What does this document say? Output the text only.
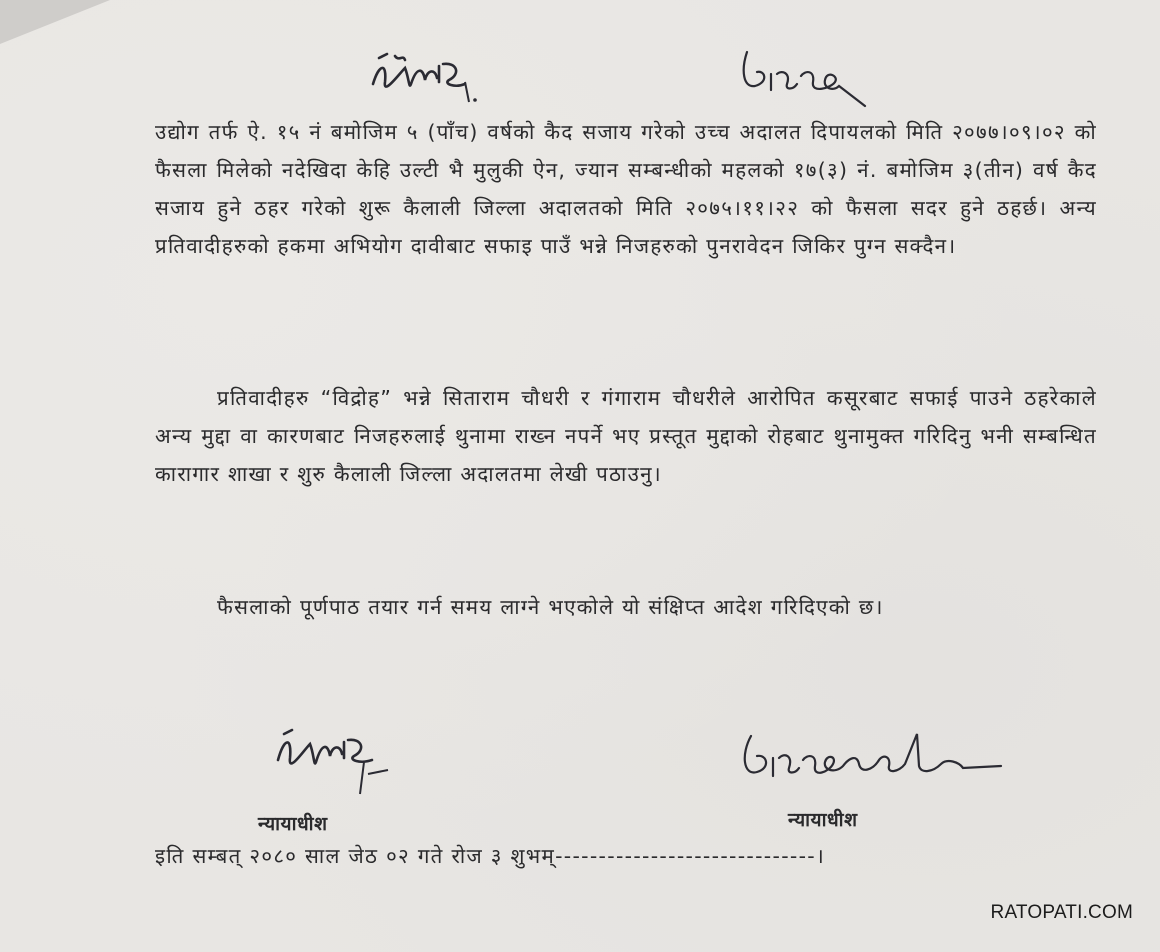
उद्योग तर्फ ऐ. १५ नं बमोजिम ५ (पाँच) वर्षको कैद सजाय गरेको उच्च अदालत दिपायलको मिति २०७७।०९।०२ को फैसला मिलेको नदेखिदा केहि उल्टी भै मुलुकी ऐन, ज्यान सम्बन्धीको महलको १७(३) नं. बमोजिम ३(तीन) वर्ष कैद सजाय हुने ठहर गरेको शुरू कैलाली जिल्ला अदालतको मिति २०७५।११।२२ को फैसला सदर हुने ठहर्छ। अन्य प्रतिवादीहरुको हकमा अभियोग दावीबाट सफाइ पाउँ भन्ने निजहरुको पुनरावेदन जिकिर पुग्न सक्दैन।

प्रतिवादीहरु “विद्रोह” भन्ने सिताराम चौधरी र गंगाराम चौधरीले आरोपित कसूरबाट सफाई पाउने ठहरेकाले अन्य मुद्दा वा कारणबाट निजहरुलाई थुनामा राख्न नपर्ने भए प्रस्तूत मुद्दाको रोहबाट थुनामुक्त गरिदिनु भनी सम्बन्धित कारागार शाखा र शुरु कैलाली जिल्ला अदालतमा लेखी पठाउनु।

फैसलाको पूर्णपाठ तयार गर्न समय लाग्ने भएकोले यो संक्षिप्त आदेश गरिदिएको छ।

न्यायाधीश	न्यायाधीश
इति सम्बत् २०८० साल जेठ ०२ गते रोज ३ शुभम्------------------------------।
RATOPATI.COM
